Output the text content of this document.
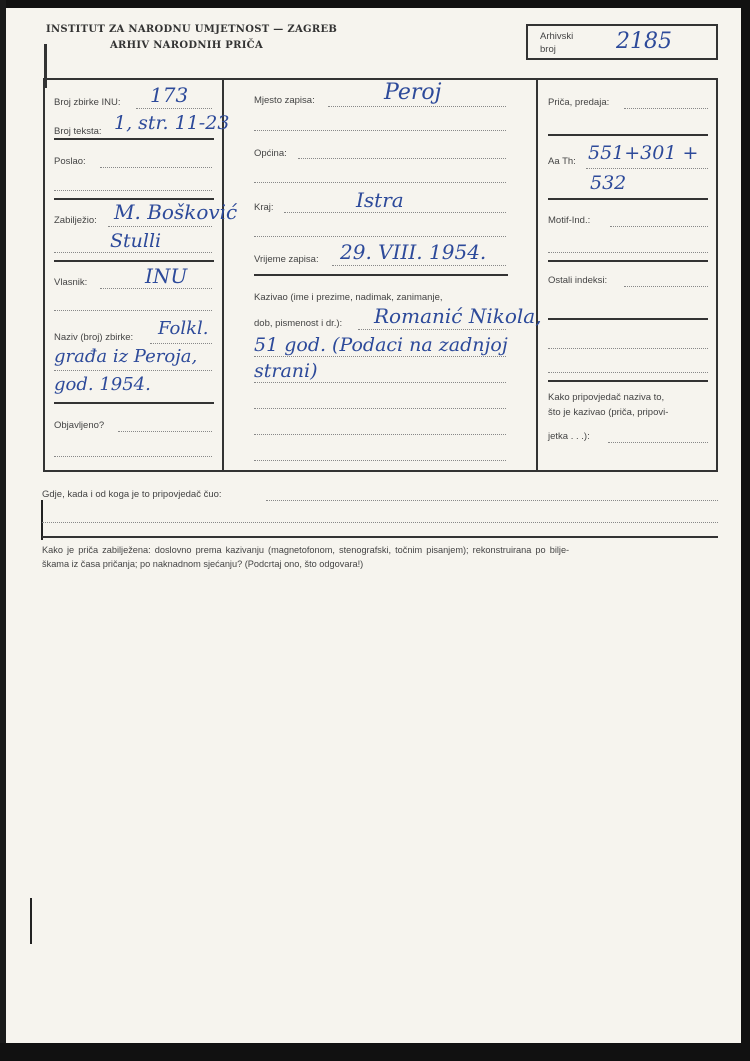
INSTITUT ZA NARODNU UMJETNOST — ZAGREB
ARHIV NARODNIH PRIČA
Arhivski
broj	2185
Broj zbirke INU: 173
Broj teksta: 1, str. 11-23
Poslao:
Zabilježio: M. Bošković
Stulli
Vlasnik:	INU
Naziv (broj) zbirke: Folkl.
građa iz Peroja,
god. 1954.
Objavljeno?
Mjesto zapisa:	Peroj
Općina:
Kraj:	Istra
Vrijeme zapisa: 29. VIII. 1954.
Kazivao (ime i prezime, nadimak, zanimanje,
dob, pismenost i dr.): Romanić Nikola,
51 god. (Podaci na zadnjoj
strani)
Priča, predaja:
Aa Th: 551+301 +
532
Motif-Ind.:
Ostali indeksi:
Kako pripovjedač naziva to,
što je kazivao (priča, pripovi-
jetka . . .):
Gdje, kada i od koga je to pripovjedač čuo:
Kako je priča zabilježena: doslovno prema kazivanju (magnetofonom, stenografski, točnim pisanjem); rekonstruirana po bilje-
škama iz časa pričanja; po naknadnom sjećanju? (Podcrtaj ono, što odgovara!)
